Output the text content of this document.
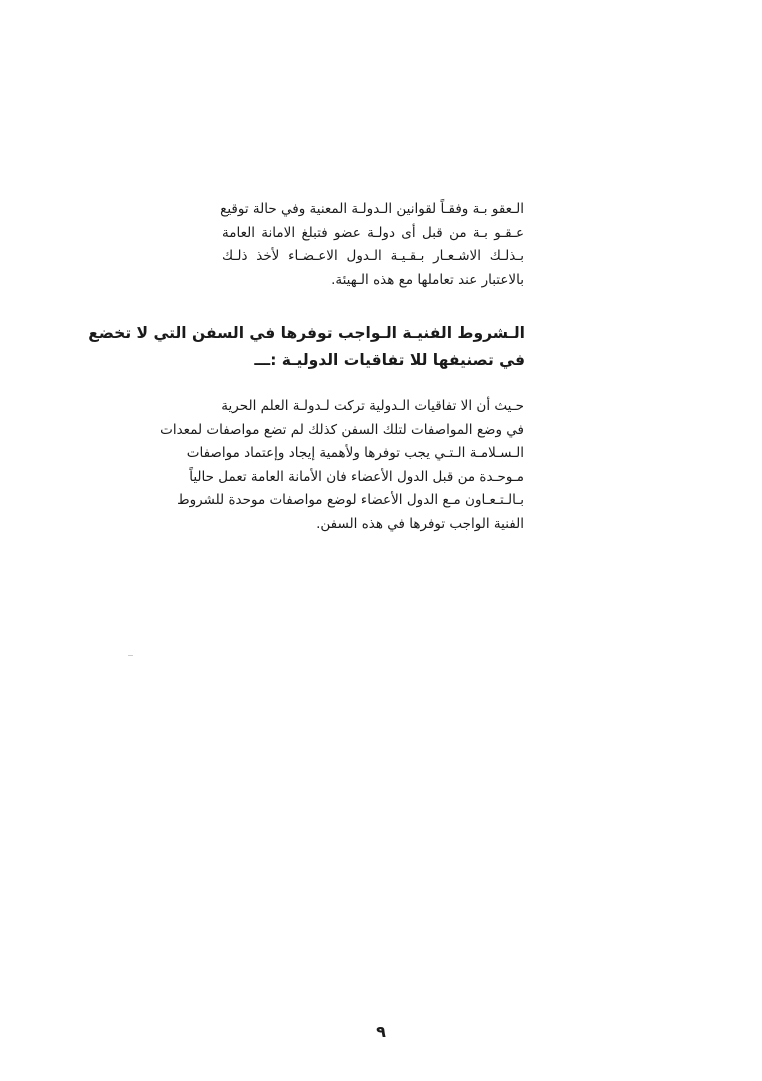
الـعقو بـة وفقـاً لقوانين الـدولـة المعنية وفي حالة توقيع
عـقـو بـة من قبل أى دولـة عضو فتبلغ الامانة العامة
بـذلـك الاشـعـار بـقـيـة الـدول الاعـضـاء لأخذ ذلـك
بالاعتبار عند تعاملها مع هذه الـهيئة.
الـشروط الفنيـة الـواجب توفرها في السفن التي لا تخضع
في تصنيفها للا تفاقيات الدوليـة :ـــ
حـيث أن الا تفاقيات الـدولية تركت لـدولـة العلم الحرية
في وضع المواصفات لتلك السفن كذلك لم تضع مواصفات لمعدات
الـسـلامـة الـتـي يجب توفرها ولأهمية إيجاد وإعتماد مواصفات
مـوحـدة من قبل الدول الأعضاء فان الأمانة العامة تعمل حالياً
بـالـتـعـاون مـع الدول الأعضاء لوضع مواصفات موحدة للشروط
الفنية الواجب توفرها في هذه السفن.
٩
